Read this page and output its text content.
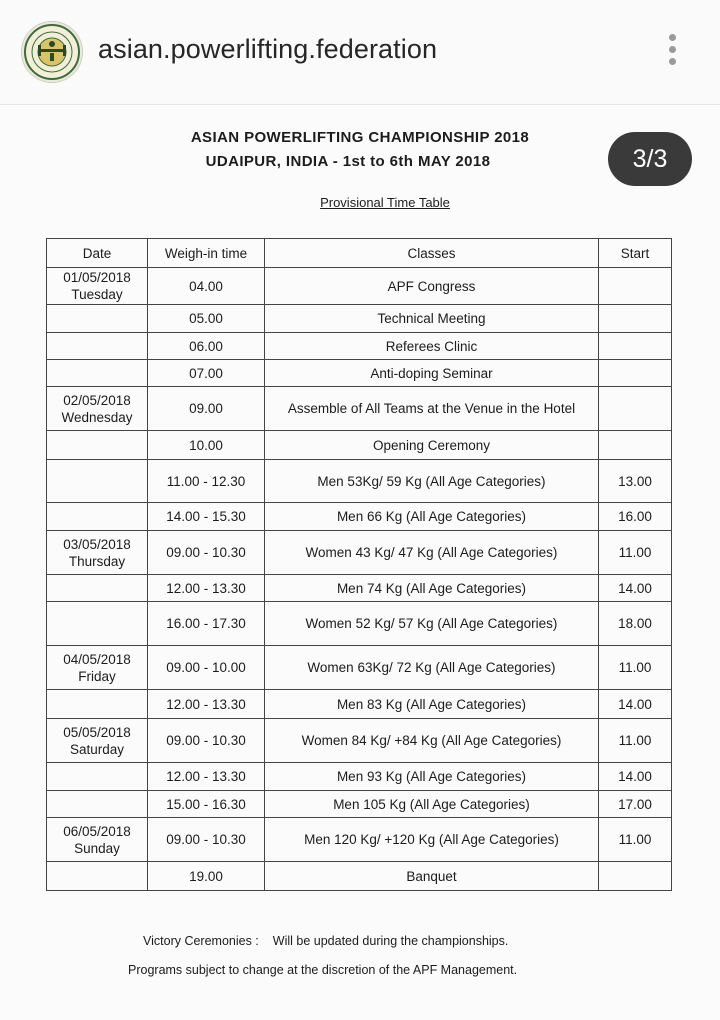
asian.powerlifting.federation
ASIAN POWERLIFTING CHAMPIONSHIP 2018
UDAIPUR, INDIA - 1st to 6th MAY 2018	3/3
Provisional Time Table
Date	Weigh-in time	Classes	Start

01/05/2018
Tuesday	04.00	APF Congress	

	05.00	Technical Meeting	

	06.00	Referees Clinic	

	07.00	Anti-doping Seminar	

02/05/2018
Wednesday	09.00	Assemble of All Teams at the Venue in the Hotel	

	10.00	Opening Ceremony	

	11.00 - 12.30	Men 53Kg/ 59 Kg (All Age Categories)	13.00

	14.00 - 15.30	Men 66 Kg (All Age Categories)	16.00

03/05/2018
Thursday	09.00 - 10.30	Women 43 Kg/ 47 Kg (All Age Categories)	11.00

	12.00 - 13.30	Men 74 Kg (All Age Categories)	14.00

	16.00 - 17.30	Women 52 Kg/ 57 Kg (All Age Categories)	18.00

04/05/2018
Friday	09.00 - 10.00	Women 63Kg/ 72 Kg (All Age Categories)	11.00

	12.00 - 13.30	Men 83 Kg (All Age Categories)	14.00

05/05/2018
Saturday	09.00 - 10.30	Women 84 Kg/ +84 Kg (All Age Categories)	11.00

	12.00 - 13.30	Men 93 Kg (All Age Categories)	14.00

	15.00 - 16.30	Men 105 Kg (All Age Categories)	17.00

06/05/2018
Sunday	09.00 - 10.30	Men 120 Kg/ +120 Kg (All Age Categories)	11.00

	19.00	Banquet	
Victory Ceremonies : Will be updated during the championships.
Programs subject to change at the discretion of the APF Management.
